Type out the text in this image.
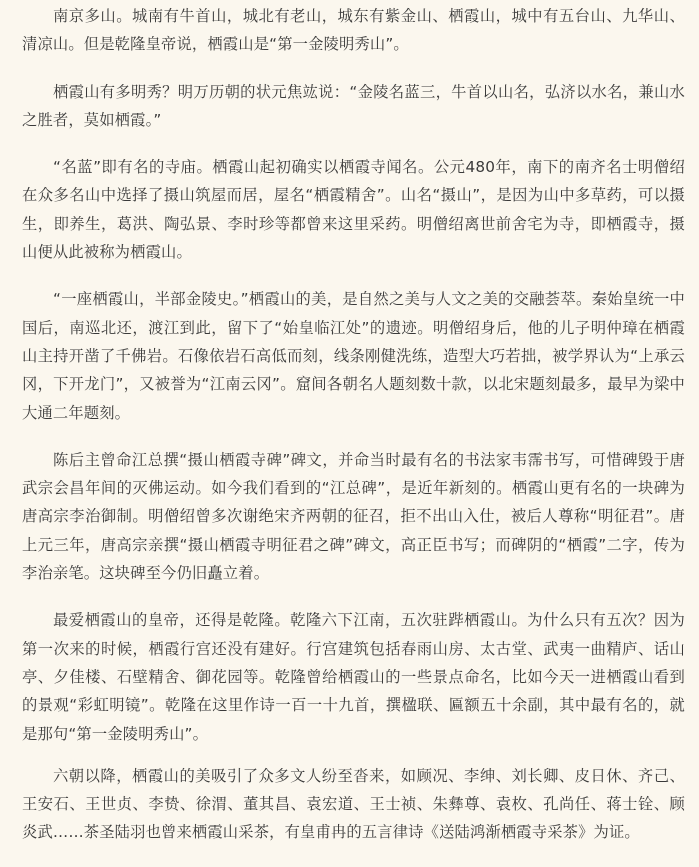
南京多山。城南有牛首山，城北有老山，城东有紫金山、栖霞山，城中有五台山、九华山、清凉山。但是乾隆皇帝说，栖霞山是“第一金陵明秀山”。

栖霞山有多明秀？明万历朝的状元焦竑说：“金陵名蓝三，牛首以山名，弘济以水名，兼山水之胜者，莫如栖霞。”

“名蓝”即有名的寺庙。栖霞山起初确实以栖霞寺闻名。公元480年，南下的南齐名士明僧绍在众多名山中选择了摄山筑屋而居，屋名“栖霞精舍”。山名“摄山”，是因为山中多草药，可以摄生，即养生，葛洪、陶弘景、李时珍等都曾来这里采药。明僧绍离世前舍宅为寺，即栖霞寺，摄山便从此被称为栖霞山。

“一座栖霞山，半部金陵史。”栖霞山的美，是自然之美与人文之美的交融荟萃。秦始皇统一中国后，南巡北还，渡江到此，留下了“始皇临江处”的遗迹。明僧绍身后，他的儿子明仲璋在栖霞山主持开凿了千佛岩。石像依岩石高低而刻，线条刚健洗练，造型大巧若拙，被学界认为“上承云冈，下开龙门”，又被誉为“江南云冈”。窟间各朝名人题刻数十款，以北宋题刻最多，最早为梁中大通二年题刻。

陈后主曾命江总撰“摄山栖霞寺碑”碑文，并命当时最有名的书法家韦霈书写，可惜碑毁于唐武宗会昌年间的灭佛运动。如今我们看到的“江总碑”，是近年新刻的。栖霞山更有名的一块碑为唐高宗李治御制。明僧绍曾多次谢绝宋齐两朝的征召，拒不出山入仕，被后人尊称“明征君”。唐上元三年，唐高宗亲撰“摄山栖霞寺明征君之碑”碑文，高正臣书写；而碑阴的“栖霞”二字，传为李治亲笔。这块碑至今仍旧矗立着。

最爱栖霞山的皇帝，还得是乾隆。乾隆六下江南，五次驻跸栖霞山。为什么只有五次？因为第一次来的时候，栖霞行宫还没有建好。行宫建筑包括春雨山房、太古堂、武夷一曲精庐、话山亭、夕佳楼、石壁精舍、御花园等。乾隆曾给栖霞山的一些景点命名，比如今天一进栖霞山看到的景观“彩虹明镜”。乾隆在这里作诗一百一十九首，撰楹联、匾额五十余副，其中最有名的，就是那句“第一金陵明秀山”。

六朝以降，栖霞山的美吸引了众多文人纷至沓来，如顾况、李绅、刘长卿、皮日休、齐己、王安石、王世贞、李贽、徐渭、董其昌、袁宏道、王士祯、朱彝尊、袁枚、孔尚任、蒋士铨、顾炎武……茶圣陆羽也曾来栖霞山采茶，有皇甫冉的五言律诗《送陆鸿渐栖霞寺采茶》为证。
